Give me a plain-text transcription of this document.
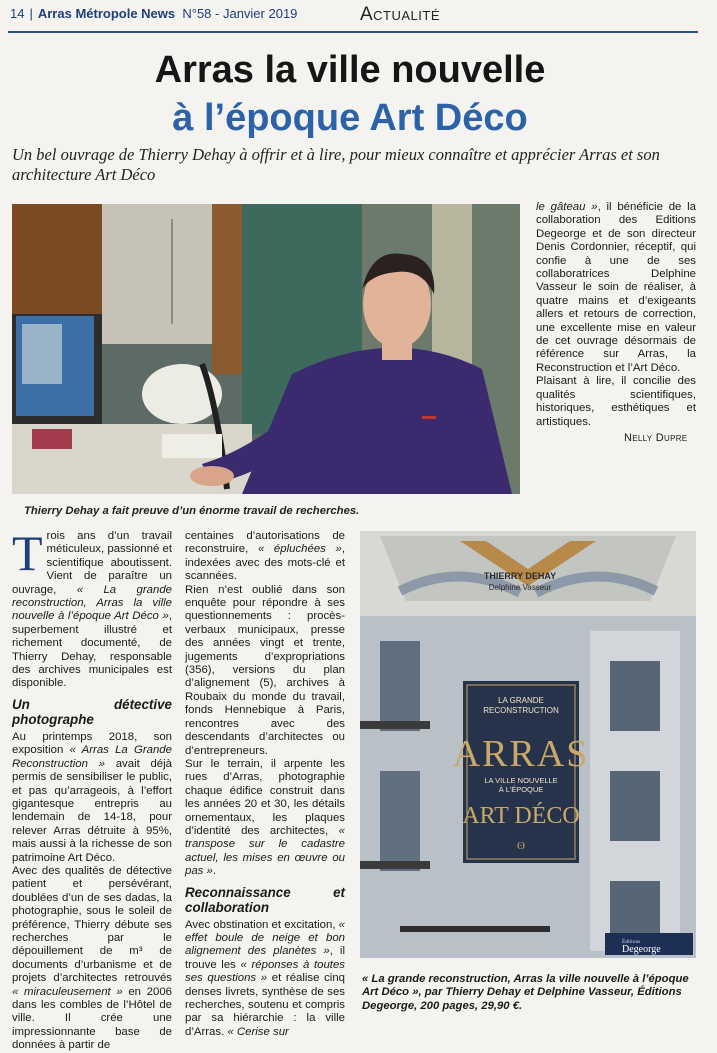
14 | Arras Métropole News N°58 - Janvier 2019	Actualité
Arras la ville nouvelle
à l’époque Art Déco
Un bel ouvrage de Thierry Dehay à offrir et à lire, pour mieux connaître et apprécier Arras et son architecture Art Déco
Thierry Dehay a fait preuve d’un énorme travail de recherches.

le gâteau », il bénéficie de la collaboration des Editions Degeorge et de son directeur Denis Cordonnier, réceptif, qui confie à une de ses collaboratrices Delphine Vasseur le soin de réaliser, à quatre mains et d’exigeants allers et retours de correction, une excellente mise en valeur de cet ouvrage désormais de référence sur Arras, la Reconstruction et l’Art Déco.

Plaisant à lire, il concilie des qualités scientifiques, historiques, esthétiques et artistiques.

Nelly Dupre

Trois ans d’un travail méticuleux, passionné et scientifique aboutissent. Vient de paraître un ouvrage, « La grande reconstruction, Arras la ville nouvelle à l’époque Art Déco », superbement illustré et richement documenté, de Thierry Dehay, responsable des archives municipales est disponible.

Un détective photographe

Au printemps 2018, son exposition « Arras La Grande Reconstruction » avait déjà permis de sensibiliser le public, et pas qu’arrageois, à l’effort gigantesque entrepris au lendemain de 14-18, pour relever Arras détruite à 95%, mais aussi à la richesse de son patrimoine Art Déco.

Avec des qualités de détective patient et persévérant, doublées d’un de ses dadas, la photographie, sous le soleil de préférence, Thierry débute ses recherches par le dépouillement de m³ de documents d’urbanisme et de projets d’architectes retrouvés « miraculeusement » en 2006 dans les combles de l’Hôtel de ville. Il crée une impressionnante base de données à partir de

centaines d’autorisations de reconstruire, « épluchées », indexées avec des mots-clé et scannées.

Rien n’est oublié dans son enquête pour répondre à ses questionnements : procès-verbaux municipaux, presse des années vingt et trente, jugements d’expropriations (356), versions du plan d’alignement (5), archives à Roubaix du monde du travail, fonds Hennebique à Paris, rencontres avec des descendants d’architectes ou d’entrepreneurs.

Sur le terrain, il arpente les rues d’Arras, photographie chaque édifice construit dans les années 20 et 30, les détails ornementaux, les plaques d’identité des architectes, « transpose sur le cadastre actuel, les mises en œuvre ou pas ».

Reconnaissance et collaboration

Avec obstination et excitation, « effet boule de neige et bon alignement des planètes », il trouve les « réponses à toutes ses questions » et réalise cinq denses livrets, synthèse de ses recherches, soutenu et compris par sa hiérarchie : la ville d’Arras. « Cerise sur

LA GRANDE
RECONSTRUCTION
ARRAS
LA VILLE NOUVELLE
À L’ÉPOQUE
ART DÉCO
ʘ
THIERRY DEHAY
Delphine Vasseur
Éditions
Degeorge
« La grande reconstruction, Arras la ville nouvelle à l’époque Art Déco », par Thierry Dehay et Delphine Vasseur, Éditions Degeorge, 200 pages, 29,90 €.
